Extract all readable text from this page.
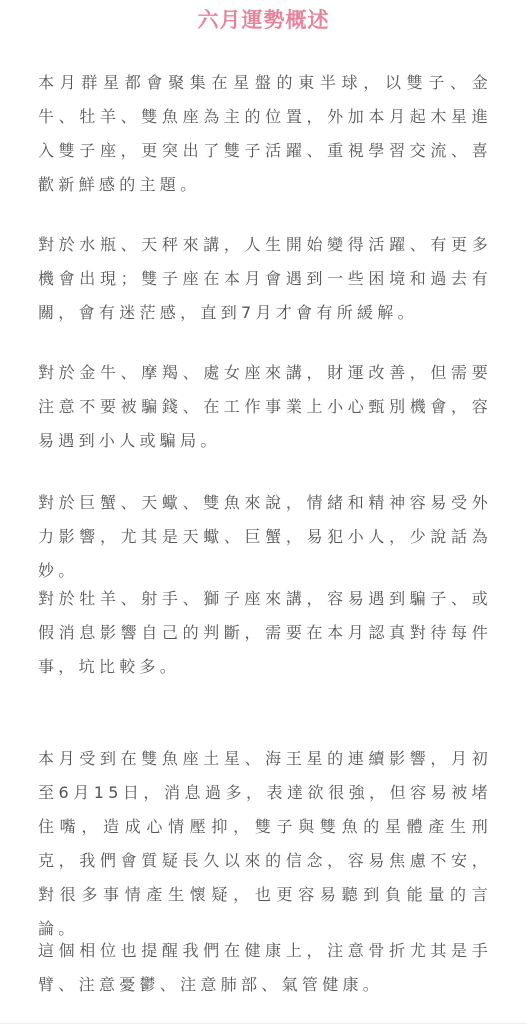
六月運勢概述

本月群星都會聚集在星盤的東半球，以雙子、金牛、牡羊、雙魚座為主的位置，外加本月起木星進入雙子座，更突出了雙子活躍、重視學習交流、喜歡新鮮感的主題。

對於水瓶、天秤來講，人生開始變得活躍、有更多機會出現；雙子座在本月會遇到一些困境和過去有關，會有迷茫感，直到7月才會有所緩解。

對於金牛、摩羯、處女座來講，財運改善，但需要注意不要被騙錢、在工作事業上小心甄別機會，容易遇到小人或騙局。

對於巨蟹、天蠍、雙魚來說，情緒和精神容易受外力影響，尤其是天蠍、巨蟹，易犯小人，少說話為妙。

對於牡羊、射手、獅子座來講，容易遇到騙子、或假消息影響自己的判斷，需要在本月認真對待每件事，坑比較多。

本月受到在雙魚座土星、海王星的連續影響，月初至6月15日，消息過多，表達欲很強，但容易被堵住嘴，造成心情壓抑，雙子與雙魚的星體產生刑克，我們會質疑長久以來的信念，容易焦慮不安，對很多事情產生懷疑，也更容易聽到負能量的言論。

這個相位也提醒我們在健康上，注意骨折尤其是手臂、注意憂鬱、注意肺部、氣管健康。
